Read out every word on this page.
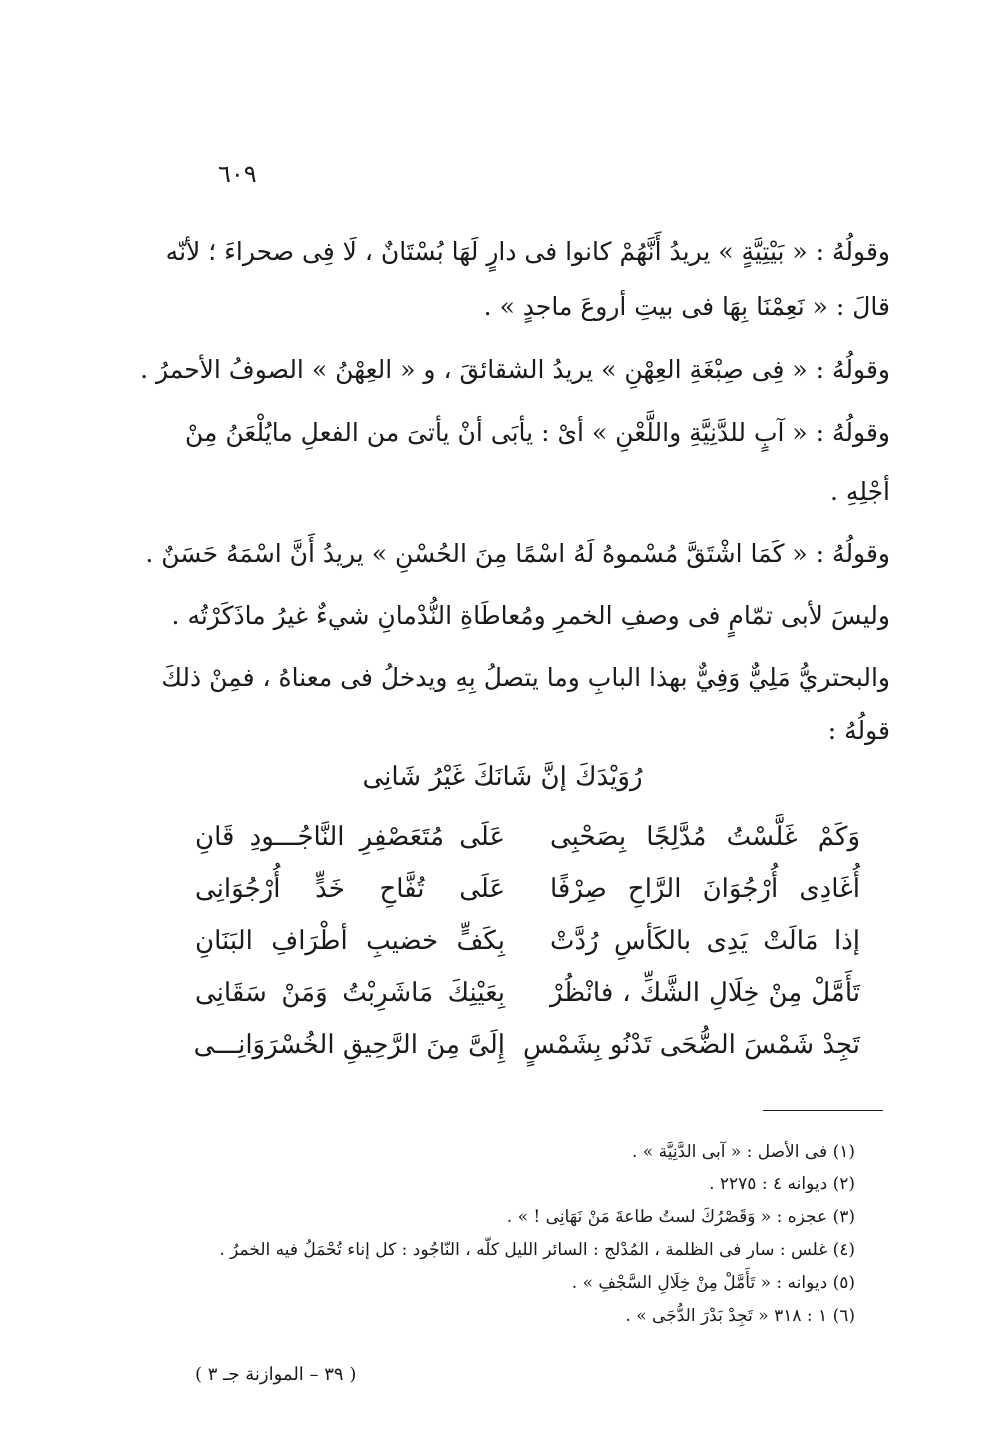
٦٠٩
وقولُهُ : « بَيْتِيَّةٍ » يريدُ أَنَّهُمْ كانوا فى دارٍ لَهَا بُسْتَانٌ ، لَا فِى صحراءَ ؛ لأنّه
قالَ : « نَعِمْنَا بِهَا فى بيتِ أروعَ ماجدٍ » .
وقولُهُ : « فِى صِبْغَةِ العِهْنِ » يريدُ الشقائقَ ، و « العِهْنُ » الصوفُ الأحمرُ .
وقولُهُ : « آبٍ للدَّنِيَّةِ واللَّعْنِ » أىْ : يأبَى أنْ يأتىَ من الفعلِ مايُلْعَنُ مِنْ
أجْلِهِ .
وقولُهُ : « كَمَا اشْتَقَّ مُسْموهُ لَهُ اسْمًا مِنَ الحُسْنِ » يريدُ أَنَّ اسْمَهُ حَسَنٌ .
وليسَ لأبى تمّامٍ فى وصفِ الخمرِ ومُعاطَاةِ النُّدْمانِ شيءٌ غيرُ ماذَكَرْتُه .
والبحتريُّ مَلِيٌّ وَفِيٌّ بهذا البابِ وما يتصلُ بِهِ ويدخلُ فى معناهُ ، فمِنْ ذلكَ
قولُهُ :
رُوَيْدَكَ إنَّ شَانَكَ غَيْرُ شَانِى
وَكَمْ غَلَّسْتُ مُدَّلِجًا بِصَحْبِى
عَلَى مُتَعَصْفِرِ النَّاجُـــودِ قَانِ
أُغَادِى أُرْجُوَانَ الرَّاحِ صِرْفًا
عَلَى تُفَّاحِ خَدٍّ أُرْجُوَانِى
إذا مَالَتْ يَدِى بالكَأسِ رُدَّتْ
بِكَفٍّ خضيبِ أطْرَافِ البَنَانِ
تَأَمَّلْ مِنْ خِلَالِ الشَّكِّ ، فانْظُرْ
بِعَيْنِكَ مَاشَرِبْتُ وَمَنْ سَقَانِى
تَجِدْ شَمْسَ الضُّحَى تَدْنُو بِشَمْسٍ
إِلَىَّ مِنَ الرَّحِيقِ الخُسْرَوَانِـــى
(١) فى الأصل : « آبى الدَّنِيَّة » .
(٢) ديوانه ٤ : ٢٢٧٥ .
(٣) عجزه : « وَقَصْرُكَ لستُ طاعةَ مَنْ نَهَانِى ! » .
(٤) غلس : سار فى الظلمة ، المُدْلج : السائر الليل كلّه ، النّاجُود : كل إناء تُحْمَلُ فيه الخمرُ .
(٥) ديوانه : « تَأَمَّلْ مِنْ خِلَالِ السَّجْفِ » .
(٦) ١ : ٣١٨ « تَجِدْ بَدْرَ الدُّجَى » .
( ٣٩ – الموازنة جـ ٣ )
